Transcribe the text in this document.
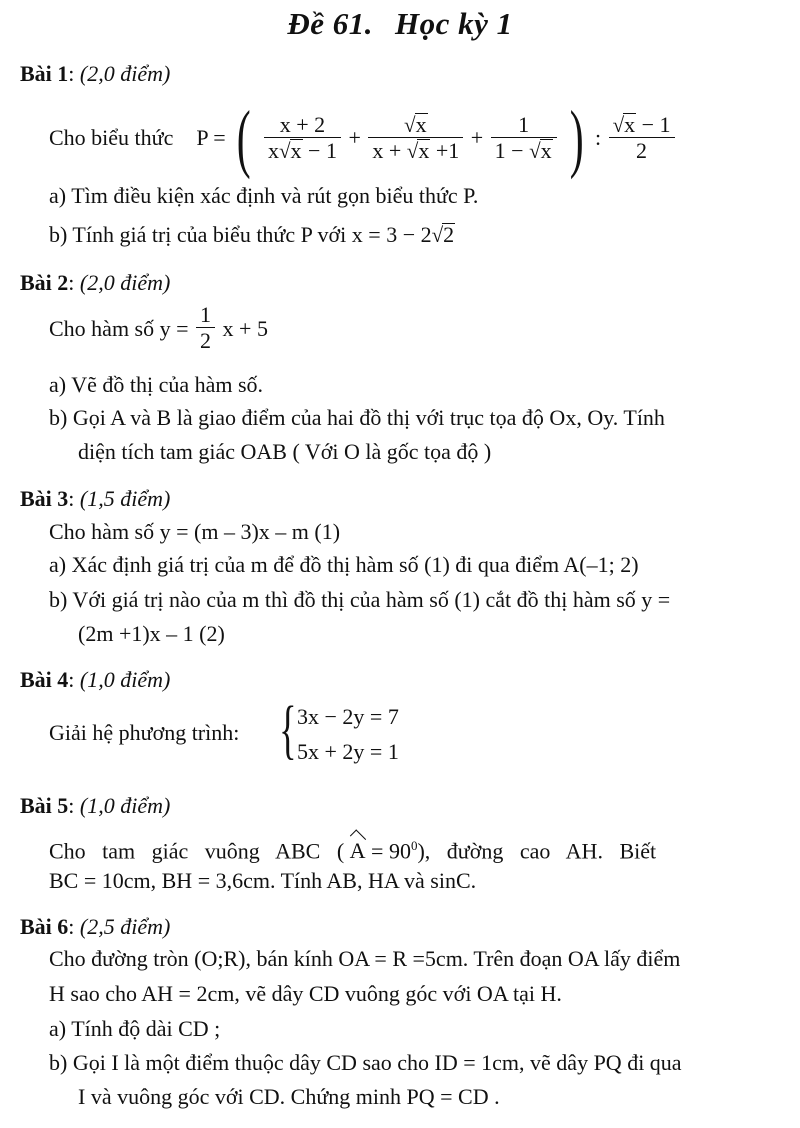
Đề 61. Học kỳ 1
Bài 1: (2,0 điểm)
Cho biểu thức P = ( $\frac{x + 2}{x√x - 1} + \frac{√x}{x + √x +1} + \frac{1}{1 - √x}$ ) : $\frac{√x - 1}{2}$
a) Tìm điều kiện xác định và rút gọn biểu thức P.
b) Tính giá trị của biểu thức P với x = 3 − 2√2
Bài 2: (2,0 điểm)
Cho hàm số $y = \frac{1}{2}$ x + 5
a) Vẽ đồ thị của hàm số.
b) Gọi A và B là giao điểm của hai đồ thị với trục tọa độ Ox, Oy. Tính
diện tích tam giác OAB ( Với O là gốc tọa độ )
Bài 3: (1,5 điểm)
Cho hàm số y = (m – 3)x – m (1)
a) Xác định giá trị của m để đồ thị hàm số (1) đi qua điểm A(–1; 2)
b) Với giá trị nào của m thì đồ thị của hàm số (1) cắt đồ thị hàm số y =
(2m +1)x – 1 (2)
Bài 4: (1,0 điểm)
Giải hệ phương trình: { 3x − 2y = 7
5x + 2y = 1
Bài 5: (1,0 điểm)
Cho   tam   giác   vuông   ABC   ( $A = 90^0$),   đường   cao   AH.   Biết
BC = 10cm, BH = 3,6cm. Tính AB, HA và sinC.
Bài 6: (2,5 điểm)
Cho đường tròn (O;R), bán kính OA = R =5cm. Trên đoạn OA lấy điểm
H sao cho AH = 2cm, vẽ dây CD vuông góc với OA tại H.
a) Tính độ dài CD ;
b) Gọi I là một điểm thuộc dây CD sao cho ID = 1cm, vẽ dây PQ đi qua
I và vuông góc với CD. Chứng minh PQ = CD .
